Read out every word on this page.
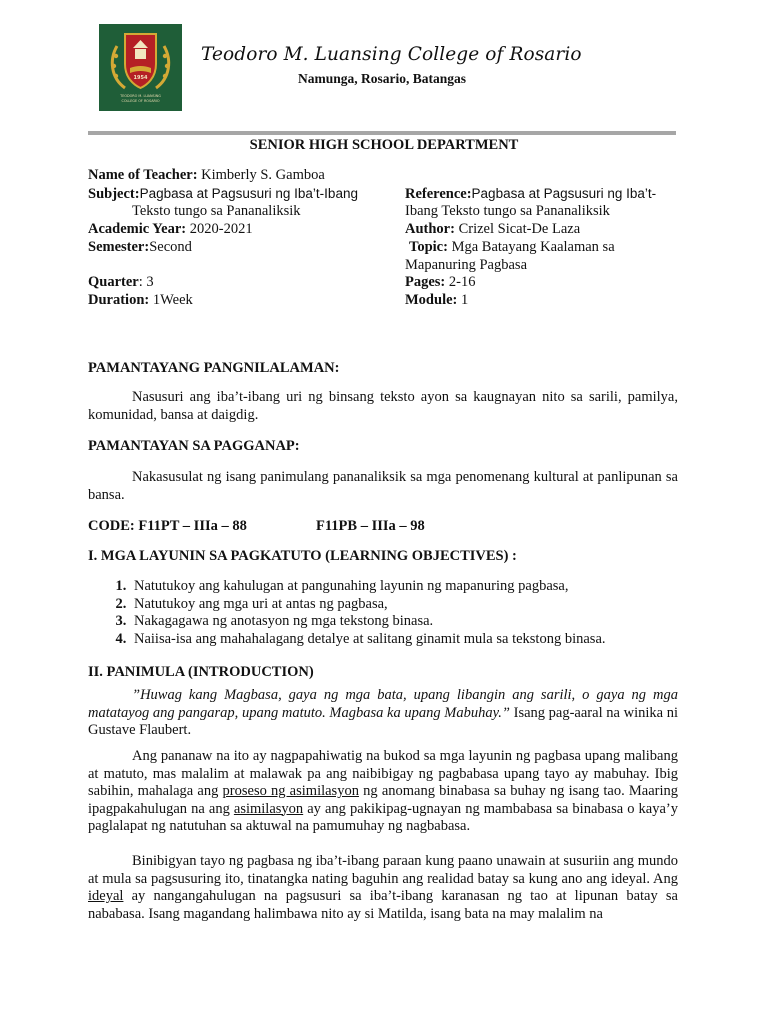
1954
TEODORO M. LUANSING
COLLEGE OF ROSARIO
Teodoro M. Luansing College of Rosario
Namunga, Rosario, Batangas
SENIOR HIGH SCHOOL DEPARTMENT
Name of Teacher: Kimberly S. Gamboa
Subject:Pagbasa at Pagsusuri ng Iba’t-Ibang
Teksto tungo sa Pananaliksik
Academic Year: 2020-2021
Semester:Second
Quarter: 3
Duration: 1Week
Reference:Pagbasa at Pagsusuri ng Iba’t-
Ibang Teksto tungo sa Pananaliksik
Author: Crizel Sicat-De Laza
Topic: Mga Batayang Kaalaman sa
Mapanuring Pagbasa
Pages: 2-16
Module: 1
PAMANTAYANG PANGNILALAMAN:
Nasusuri ang iba’t-ibang uri ng binsang teksto ayon sa kaugnayan nito sa sarili, pamilya, komunidad, bansa at daigdig.
PAMANTAYAN SA PAGGANAP:
Nakasusulat ng isang panimulang pananaliksik sa mga penomenang kultural at panlipunan sa bansa.
CODE: F11PT – IIIa – 88	F11PB – IIIa – 98
I. MGA LAYUNIN SA PAGKATUTO (LEARNING OBJECTIVES) :
1. Natutukoy ang kahulugan at pangunahing layunin ng mapanuring pagbasa,
2. Natutukoy ang mga uri at antas ng pagbasa,
3. Nakagagawa ng anotasyon ng mga tekstong binasa.
4. Naiisa-isa ang mahahalagang detalye at salitang ginamit mula sa tekstong binasa.
II. PANIMULA (INTRODUCTION)
”Huwag kang Magbasa, gaya ng mga bata, upang libangin ang sarili, o gaya ng mga matatayog ang pangarap, upang matuto. Magbasa ka upang Mabuhay.” Isang pag-aaral na winika ni Gustave Flaubert.
Ang pananaw na ito ay nagpapahiwatig na bukod sa mga layunin ng pagbasa upang malibang at matuto, mas malalim at malawak pa ang naibibigay ng pagbabasa upang tayo ay mabuhay. Ibig sabihin, mahalaga ang proseso ng asimilasyon ng anomang binabasa sa buhay ng isang tao. Maaring ipagpakahulugan na ang asimilasyon ay ang pakikipag-ugnayan ng mambabasa sa binabasa o kaya’y paglalapat ng natutuhan sa aktuwal na pamumuhay ng nagbabasa.
Binibigyan tayo ng pagbasa ng iba’t-ibang paraan kung paano unawain at susuriin ang mundo at mula sa pagsusuring ito, tinatangka nating baguhin ang realidad batay sa kung ano ang ideyal. Ang ideyal ay nangangahulugan na pagsusuri sa iba’t-ibang karanasan ng tao at lipunan batay sa nababasa. Isang magandang halimbawa nito ay si Matilda, isang bata na may malalim na
